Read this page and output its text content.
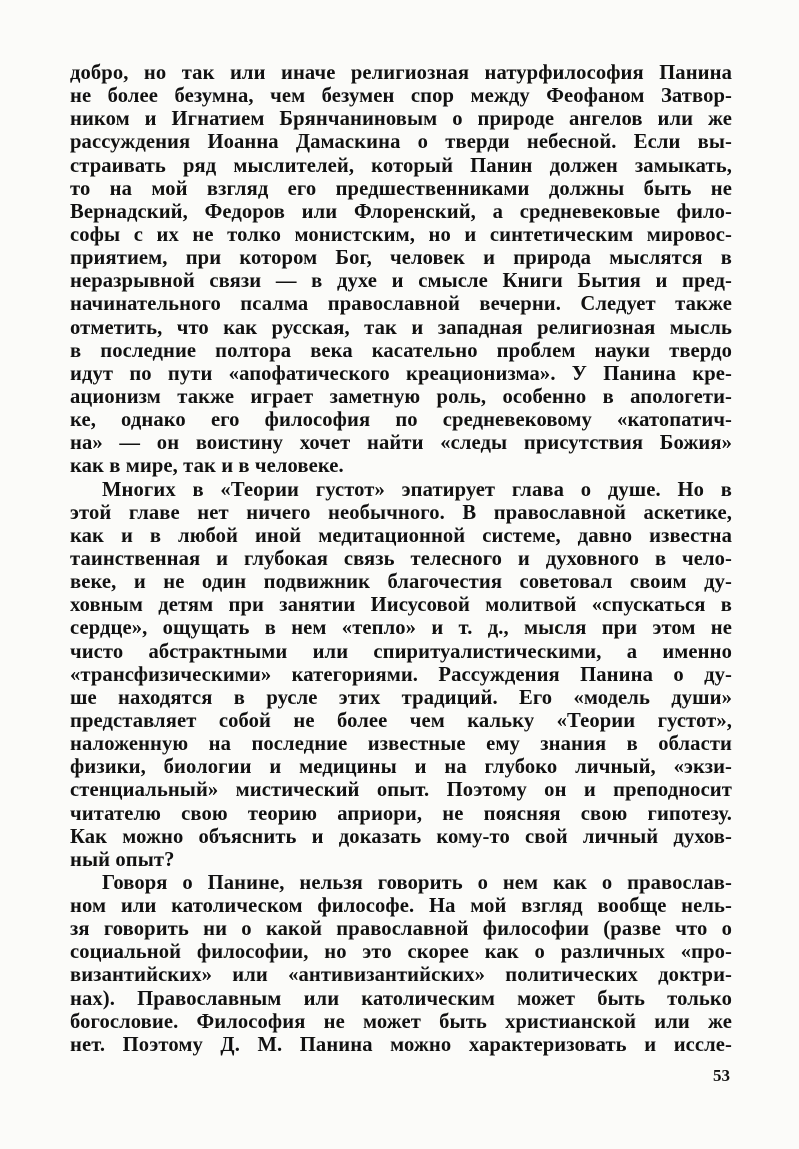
добро, но так или иначе религиозная натурфилософия Панина
не более безумна, чем безумен спор между Феофаном Затвор-
ником и Игнатием Брянчаниновым о природе ангелов или же
рассуждения Иоанна Дамаскина о тверди небесной. Если вы-
страивать ряд мыслителей, который Панин должен замыкать,
то на мой взгляд его предшественниками должны быть не
Вернадский, Федоров или Флоренский, а средневековые фило-
софы с их не толко монистским, но и синтетическим мировос-
приятием, при котором Бог, человек и природа мыслятся в
неразрывной связи — в духе и смысле Книги Бытия и пред-
начинательного псалма православной вечерни. Следует также
отметить, что как русская, так и западная религиозная мысль
в последние полтора века касательно проблем науки твердо
идут по пути «апофатического креационизма». У Панина кре-
ационизм также играет заметную роль, особенно в апологети-
ке, однако его философия по средневековому «катопатич-
на» — он воистину хочет найти «следы присутствия Божия»
как в мире, так и в человеке.
Многих в «Теории густот» эпатирует глава о душе. Но в
этой главе нет ничего необычного. В православной аскетике,
как и в любой иной медитационной системе, давно известна
таинственная и глубокая связь телесного и духовного в чело-
веке, и не один подвижник благочестия советовал своим ду-
ховным детям при занятии Иисусовой молитвой «спускаться в
сердце», ощущать в нем «тепло» и т. д., мысля при этом не
чисто абстрактными или спиритуалистическими, а именно
«трансфизическими» категориями. Рассуждения Панина о ду-
ше находятся в русле этих традиций. Его «модель души»
представляет собой не более чем кальку «Теории густот»,
наложенную на последние известные ему знания в области
физики, биологии и медицины и на глубоко личный, «экзи-
стенциальный» мистический опыт. Поэтому он и преподносит
читателю свою теорию априори, не поясняя свою гипотезу.
Как можно объяснить и доказать кому-то свой личный духов-
ный опыт?
Говоря о Панине, нельзя говорить о нем как о православ-
ном или католическом философе. На мой взгляд вообще нель-
зя говорить ни о какой православной философии (разве что о
социальной философии, но это скорее как о различных «про-
византийских» или «антивизантийских» политических доктри-
нах). Православным или католическим может быть только
богословие. Философия не может быть христианской или же
нет. Поэтому Д. М. Панина можно характеризовать и иссле-
53
